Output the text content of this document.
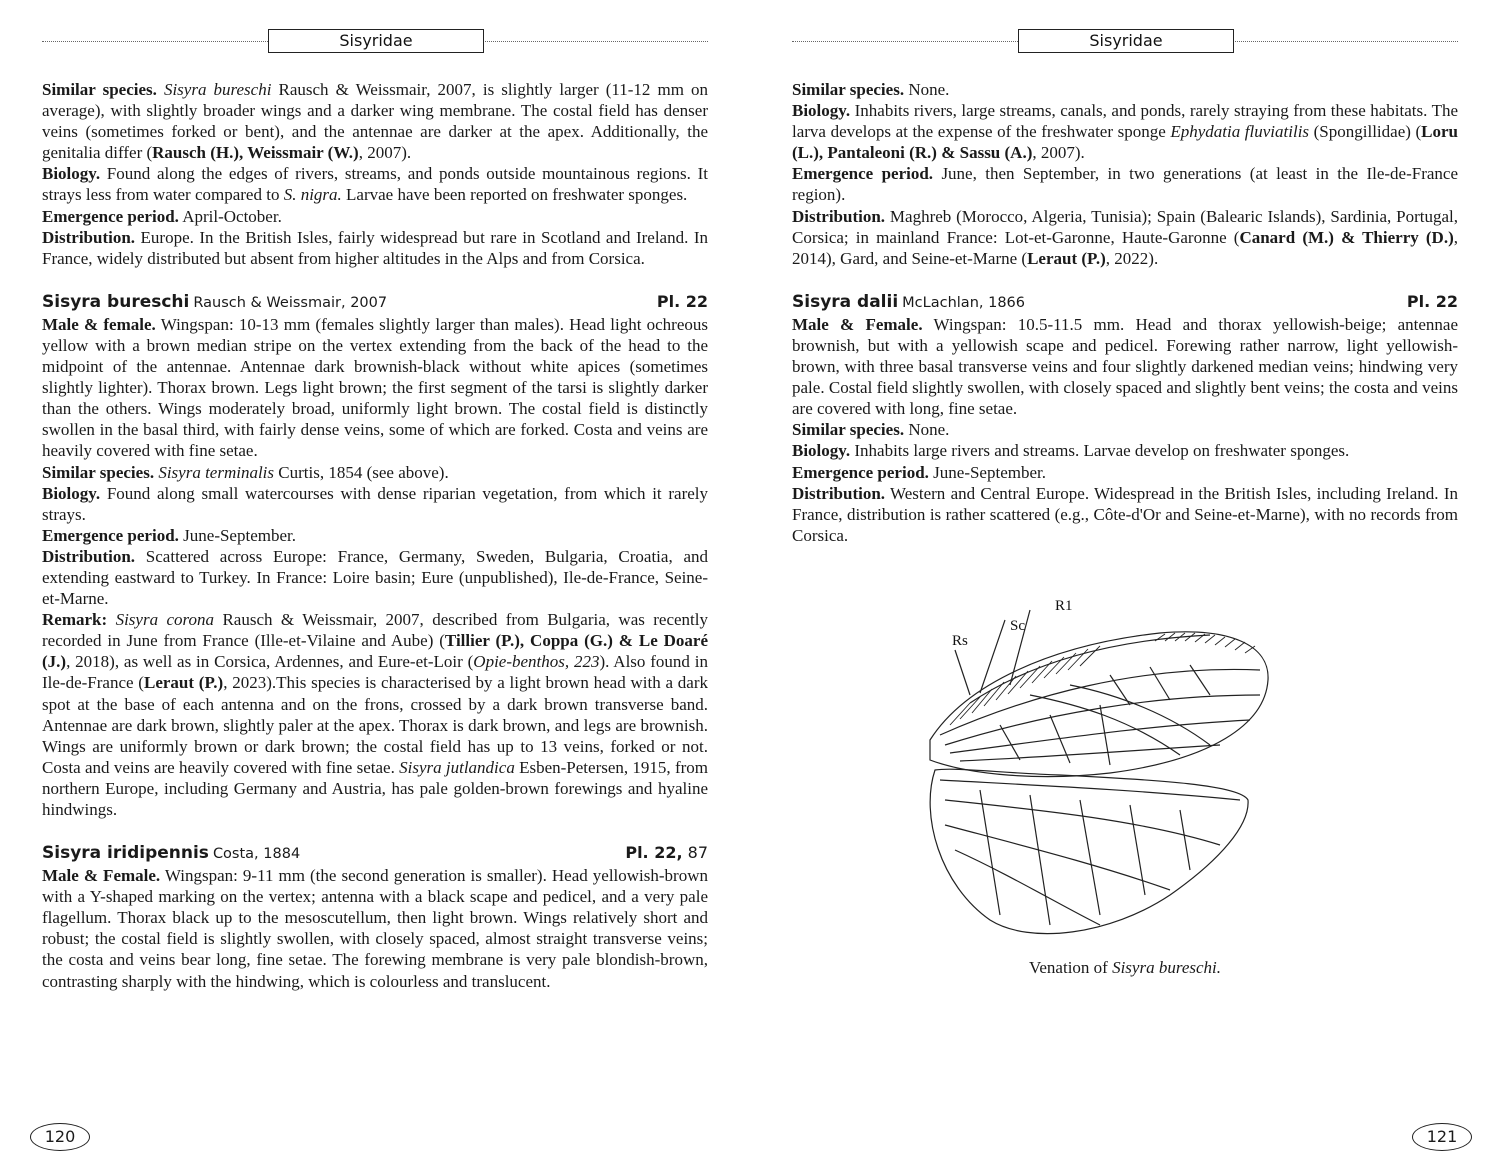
Sisyridae

Similar species. Sisyra bureschi Rausch & Weissmair, 2007, is slightly larger (11-12 mm on average), with slightly broader wings and a darker wing membrane. The costal field has denser veins (sometimes forked or bent), and the antennae are darker at the apex. Additionally, the genitalia differ (Rausch (H.), Weissmair (W.), 2007).

Biology. Found along the edges of rivers, streams, and ponds outside mountainous regions. It strays less from water compared to S. nigra. Larvae have been reported on freshwater sponges.

Emergence period. April-October.

Distribution. Europe. In the British Isles, fairly widespread but rare in Scotland and Ireland. In France, widely distributed but absent from higher altitudes in the Alps and from Corsica.

Sisyra bureschi Rausch & Weissmair, 2007	Pl. 22

Male & female. Wingspan: 10-13 mm (females slightly larger than males). Head light ochreous yellow with a brown median stripe on the vertex extending from the back of the head to the midpoint of the antennae. Antennae dark brownish-black without white apices (sometimes slightly lighter). Thorax brown. Legs light brown; the first segment of the tarsi is slightly darker than the others. Wings moderately broad, uniformly light brown. The costal field is distinctly swollen in the basal third, with fairly dense veins, some of which are forked. Costa and veins are heavily covered with fine setae.

Similar species. Sisyra terminalis Curtis, 1854 (see above).

Biology. Found along small watercourses with dense riparian vegetation, from which it rarely strays.

Emergence period. June-September.

Distribution. Scattered across Europe: France, Germany, Sweden, Bulgaria, Croatia, and extending eastward to Turkey. In France: Loire basin; Eure (unpublished), Ile-de-France, Seine-et-Marne.

Remark: Sisyra corona Rausch & Weissmair, 2007, described from Bulgaria, was recently recorded in June from France (Ille-et-Vilaine and Aube) (Tillier (P.), Coppa (G.) & Le Doaré (J.), 2018), as well as in Corsica, Ardennes, and Eure-et-Loir (Opie-benthos, 223). Also found in Ile-de-France (Leraut (P.), 2023).This species is characterised by a light brown head with a dark spot at the base of each antenna and on the frons, crossed by a dark brown transverse band. Antennae are dark brown, slightly paler at the apex. Thorax is dark brown, and legs are brownish. Wings are uniformly brown or dark brown; the costal field has up to 13 veins, forked or not. Costa and veins are heavily covered with fine setae. Sisyra jutlandica Esben-Petersen, 1915, from northern Europe, including Germany and Austria, has pale golden-brown forewings and hyaline hindwings.

Sisyra iridipennis Costa, 1884	Pl. 22, 87

Male & Female. Wingspan: 9-11 mm (the second generation is smaller). Head yellowish-brown with a Y-shaped marking on the vertex; antenna with a black scape and pedicel, and a very pale flagellum. Thorax black up to the mesoscutellum, then light brown. Wings relatively short and robust; the costal field is slightly swollen, with closely spaced, almost straight transverse veins; the costa and veins bear long, fine setae. The forewing membrane is very pale blondish-brown, contrasting sharply with the hindwing, which is colourless and translucent.

120
Sisyridae

Similar species. None.

Biology. Inhabits rivers, large streams, canals, and ponds, rarely straying from these habitats. The larva develops at the expense of the freshwater sponge Ephydatia fluviatilis (Spongillidae) (Loru (L.), Pantaleoni (R.) & Sassu (A.), 2007).

Emergence period. June, then September, in two generations (at least in the Ile-de-France region).

Distribution. Maghreb (Morocco, Algeria, Tunisia); Spain (Balearic Islands), Sardinia, Portugal, Corsica; in mainland France: Lot-et-Garonne, Haute-Garonne (Canard (M.) & Thierry (D.), 2014), Gard, and Seine-et-Marne (Leraut (P.), 2022).

Sisyra dalii McLachlan, 1866	Pl. 22

Male & Female. Wingspan: 10.5-11.5 mm. Head and thorax yellowish-beige; antennae brownish, but with a yellowish scape and pedicel. Forewing rather narrow, light yellowish-brown, with three basal transverse veins and four slightly darkened median veins; hindwing very pale. Costal field slightly swollen, with closely spaced and slightly bent veins; the costa and veins are covered with long, fine setae.

Similar species. None.

Biology. Inhabits large rivers and streams. Larvae develop on freshwater sponges.

Emergence period. June-September.

Distribution. Western and Central Europe. Widespread in the British Isles, including Ireland. In France, distribution is rather scattered (e.g., Côte-d'Or and Seine-et-Marne), with no records from Corsica.

R1
Sc
Rs
Venation of Sisyra bureschi.
121
